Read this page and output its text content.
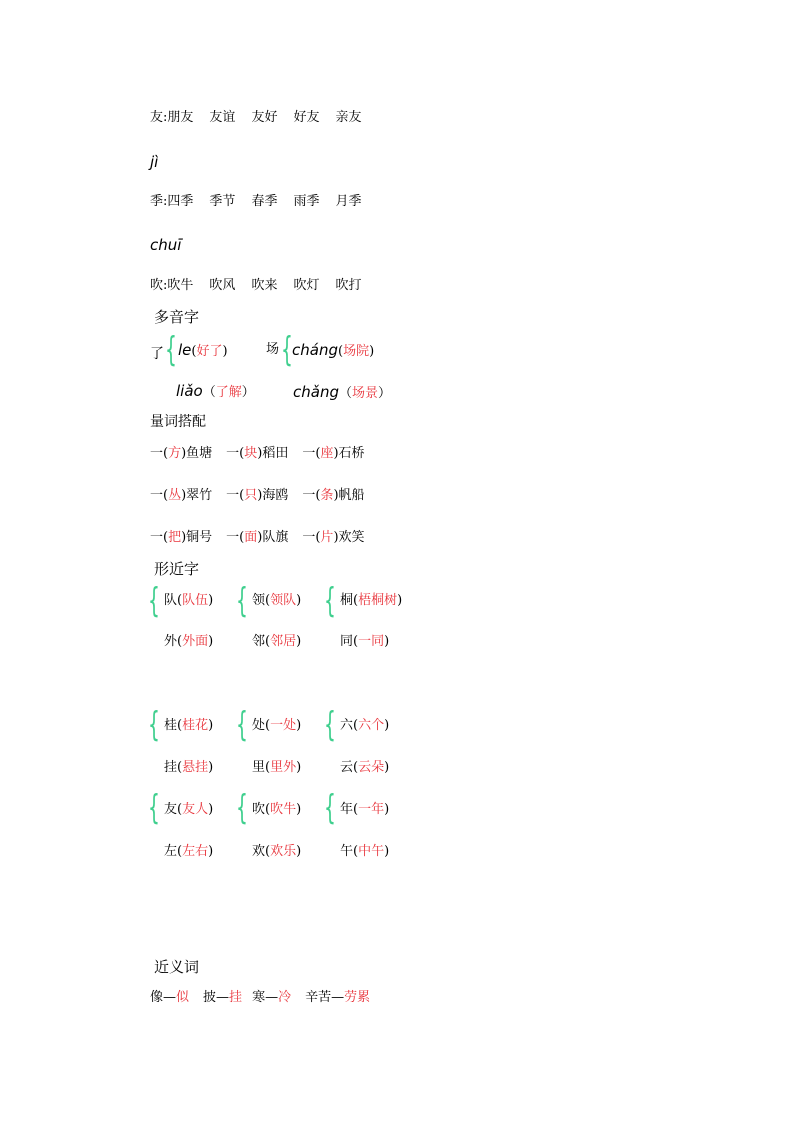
友:朋友 友谊 友好 好友 亲友
jì
季:四季 季节 春季 雨季 月季
chuī
吹:吹牛 吹风 吹来 吹灯 吹打
多音字
了 { le(好了)
liǎo（了解）
场 { cháng(场院)
chǎng（场景）
量词搭配
一(方)鱼塘 一(块)稻田 一(座)石桥
一(丛)翠竹 一(只)海鸥 一(条)帆船
一(把)铜号 一(面)队旗 一(片)欢笑
形近字
{ 队(队伍)
外(外面)
{ 领(领队)
邻(邻居)
{ 桐(梧桐树)
同(一同)
{ 桂(桂花)
挂(悬挂)
{ 处(一处)
里(里外)
{ 六(六个)
云(云朵)
{ 友(友人)
左(左右)
{ 吹(吹牛)
欢(欢乐)
{ 年(一年)
午(中午)
近义词
像—似 披—挂 寒—冷 辛苦—劳累
